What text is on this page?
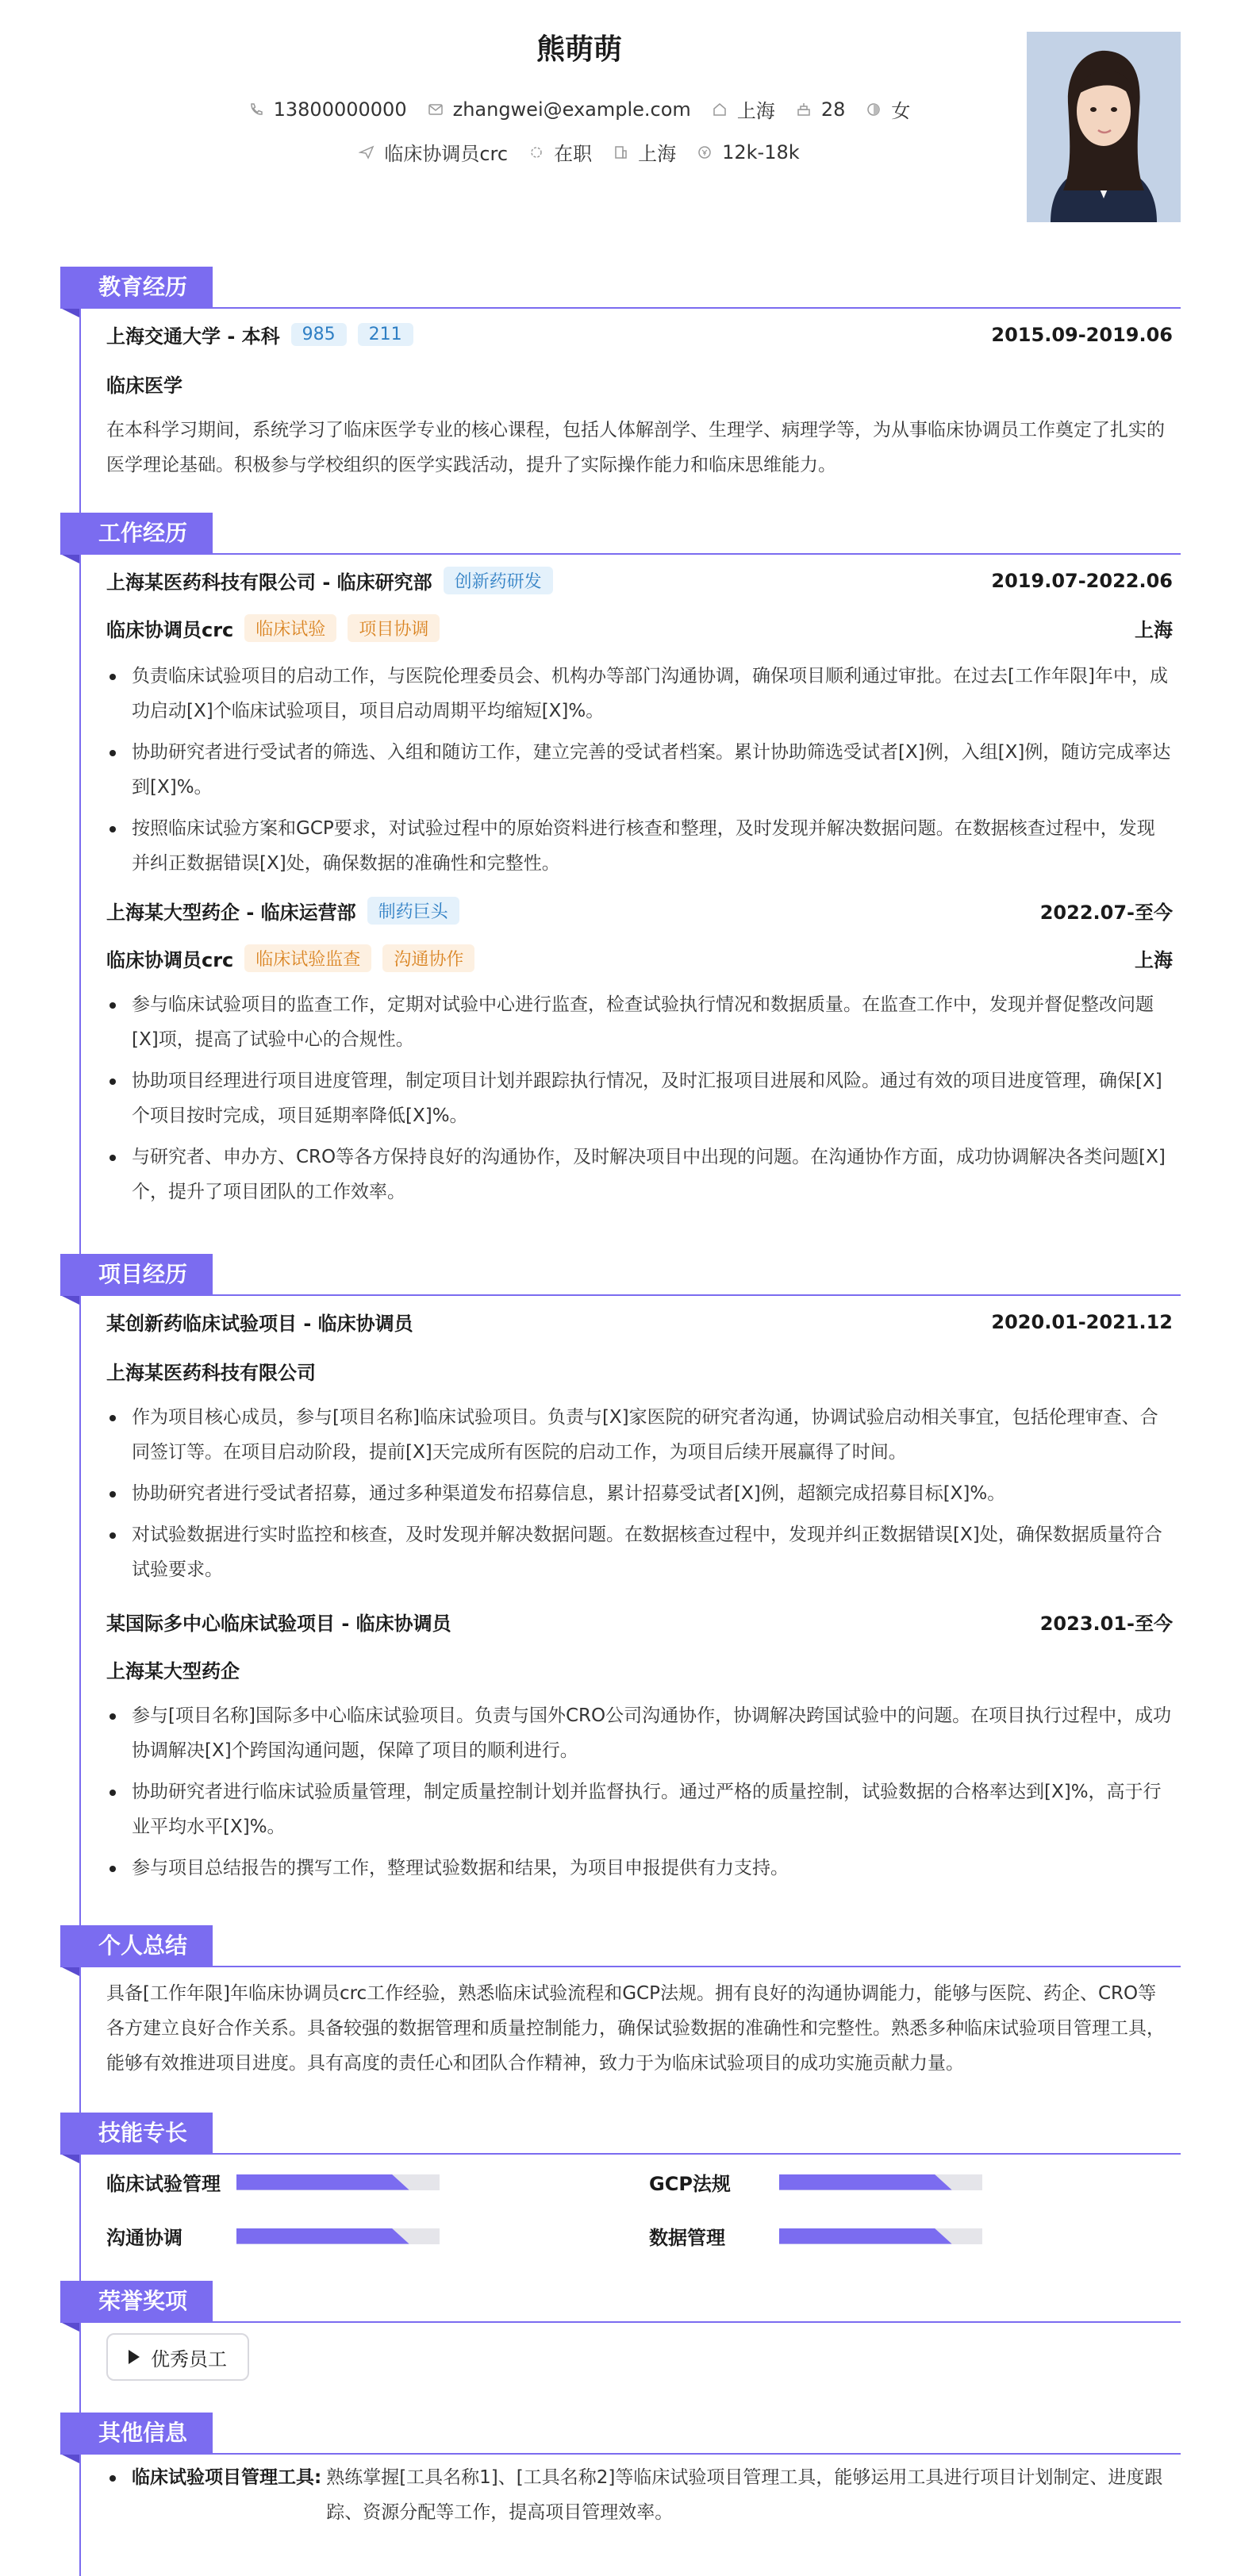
熊萌萌
13800000000 zhangwei@example.com 上海 28 女
临床协调员crc 在职 上海 12k-18k
教育经历
上海交通大学 - 本科	985	211	2015.09-2019.06
临床医学
在本科学习期间，系统学习了临床医学专业的核心课程，包括人体解剖学、生理学、病理学等，为从事临床协调员工作奠定了扎实的医学理论基础。积极参与学校组织的医学实践活动，提升了实际操作能力和临床思维能力。
工作经历
上海某医药科技有限公司 - 临床研究部	创新药研发	2019.07-2022.06
临床协调员crc	临床试验	项目协调	上海
负责临床试验项目的启动工作，与医院伦理委员会、机构办等部门沟通协调，确保项目顺利通过审批。在过去[工作年限]年中，成功启动[X]个临床试验项目，项目启动周期平均缩短[X]%。
协助研究者进行受试者的筛选、入组和随访工作，建立完善的受试者档案。累计协助筛选受试者[X]例，入组[X]例，随访完成率达到[X]%。
按照临床试验方案和GCP要求，对试验过程中的原始资料进行核查和整理，及时发现并解决数据问题。在数据核查过程中，发现并纠正数据错误[X]处，确保数据的准确性和完整性。
上海某大型药企 - 临床运营部	制药巨头	2022.07-至今
临床协调员crc	临床试验监查	沟通协作	上海
参与临床试验项目的监查工作，定期对试验中心进行监查，检查试验执行情况和数据质量。在监查工作中，发现并督促整改问题[X]项，提高了试验中心的合规性。
协助项目经理进行项目进度管理，制定项目计划并跟踪执行情况，及时汇报项目进展和风险。通过有效的项目进度管理，确保[X]个项目按时完成，项目延期率降低[X]%。
与研究者、申办方、CRO等各方保持良好的沟通协作，及时解决项目中出现的问题。在沟通协作方面，成功协调解决各类问题[X]个，提升了项目团队的工作效率。
项目经历
某创新药临床试验项目 - 临床协调员	2020.01-2021.12
上海某医药科技有限公司
作为项目核心成员，参与[项目名称]临床试验项目。负责与[X]家医院的研究者沟通，协调试验启动相关事宜，包括伦理审查、合同签订等。在项目启动阶段，提前[X]天完成所有医院的启动工作，为项目后续开展赢得了时间。
协助研究者进行受试者招募，通过多种渠道发布招募信息，累计招募受试者[X]例，超额完成招募目标[X]%。
对试验数据进行实时监控和核查，及时发现并解决数据问题。在数据核查过程中，发现并纠正数据错误[X]处，确保数据质量符合试验要求。
某国际多中心临床试验项目 - 临床协调员	2023.01-至今
上海某大型药企
参与[项目名称]国际多中心临床试验项目。负责与国外CRO公司沟通协作，协调解决跨国试验中的问题。在项目执行过程中，成功协调解决[X]个跨国沟通问题，保障了项目的顺利进行。
协助研究者进行临床试验质量管理，制定质量控制计划并监督执行。通过严格的质量控制，试验数据的合格率达到[X]%，高于行业平均水平[X]%。
参与项目总结报告的撰写工作，整理试验数据和结果，为项目申报提供有力支持。
个人总结
具备[工作年限]年临床协调员crc工作经验，熟悉临床试验流程和GCP法规。拥有良好的沟通协调能力，能够与医院、药企、CRO等各方建立良好合作关系。具备较强的数据管理和质量控制能力，确保试验数据的准确性和完整性。熟悉多种临床试验项目管理工具，能够有效推进项目进度。具有高度的责任心和团队合作精神，致力于为临床试验项目的成功实施贡献力量。
技能专长
临床试验管理	GCP法规
沟通协调	数据管理
荣誉奖项
优秀员工
其他信息
临床试验项目管理工具: 熟练掌握[工具名称1]、[工具名称2]等临床试验项目管理工具，能够运用工具进行项目计划制定、进度跟踪、资源分配等工作，提高项目管理效率。
